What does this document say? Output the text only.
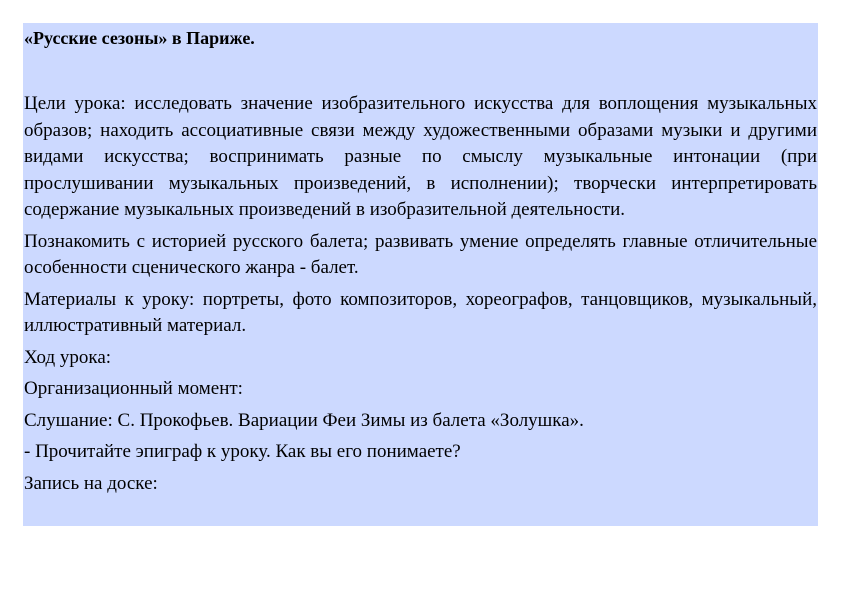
«Русские сезоны» в Париже.

Цели урока: исследовать значение изобразительного искусства для воплощения музыкальных образов; находить ассоциативные связи между художественными образами музыки и другими видами искусства; воспринимать разные по смыслу музыкальные интонации (при прослушивании музыкальных произведений, в исполнении); творчески интерпретировать содержание музыкальных произведений в изобразительной деятельности.

Познакомить с историей русского балета; развивать умение определять главные отличительные особенности сценического жанра - балет.

Материалы к уроку: портреты, фото композиторов, хореографов, танцовщиков, музыкальный, иллюстративный материал.

Ход урока:

Организационный момент:

Слушание: С. Прокофьев. Вариации Феи Зимы из балета «Золушка».

- Прочитайте эпиграф к уроку. Как вы его понимаете?

Запись на доске:
